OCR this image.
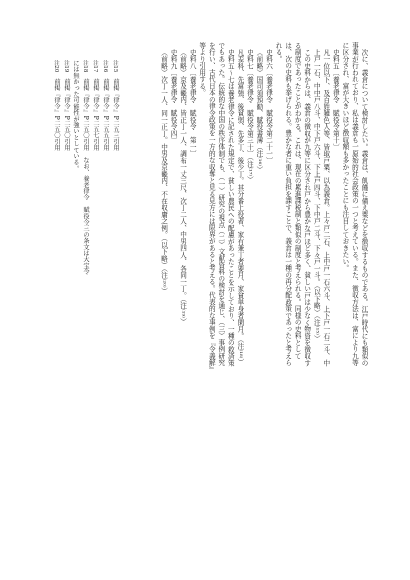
次に、義倉について検討したい。義倉は、飢饉に備え粟などを徴収するものである。江戸時代にも類似の事業が行われており、私は義倉も一原始的社会政策の一つと考えている。また、徴収方法は、富により九等に区分され、富が大きいほど徴収額も多かったことにも注目しておきたい。

史料五〔養老律令　賦役令第十〕

凡一位以下、及百姓雑色人等、皆取戸粟、以為義倉。上々戸二石、上中戸一石六斗、上下戸一石二斗、中上戸一石、中中戸八斗、中下戸六斗、下上戸四斗、下中戸二斗、下々戸一斗。（以下略）（注⁽¹⁵⁾）

この史料からは、義倉の徴収が九等に区分され戸から豊かな戸ほど多く、貧しい戸は少なく物資を徴収する制度であったことがわかる。これは、現在の累進課税制と類似の制度と考えられる。同様の史料としては、次の史料も挙げられる。豊かな者に重い負担を課すことで、義倉は一種の再分配政策であったと考えられる。

史料六〔養老律令　賦役令第二十一〕

（前略）国司須預勧、賦役書簿（注⁽¹⁶⁾）

史料七〔養老律令　賦役令第三十〕（注⁽¹⁷⁾）

凡差科、先富強、後貧弱、先多丁、後少丁。其分番上役者、家有兼丁者要月、家貧単身者閑月。（注⁽¹⁸⁾）

史料五〜七は養老律令に記された規定で、貧しい農民への配慮があったことを示しており、一種の救済策でもあった。伝統的な中国の秩序体制でも、（一）研究の視点（二）文献資料の検討を通じ、（三）事例研究を行い、古代日本の律令政策を一方的な収奪と見る見方には限界があると考える。代表的な事例を『令義解』等より引用する。

史料八〔養老律令　賦役令　第一〕

（前略）京及畿内、皆正丁一人、調布一丈三尺、次丁二人、中男四人、各同一丁。（注⁽¹⁹⁾）

史料九〔養老律令　賦役令四〕

（前略）次丁一人、同一正丁。中男及京畿内、不在収庸之例。（以下略）（注⁽²⁰⁾）

注15　前掲『律令』P二五三引用
注16　前掲『律令』P二五五引用
注17　前掲『律令』P二五七引用
注18　前掲『律令』P二五〇引用　なお、養老律令　賦役令三の条文は大宝令には無かった可能性が強いとしている。
注19　前掲『律令』P二五〇引用
注20　前掲『律令』P二五〇引用
